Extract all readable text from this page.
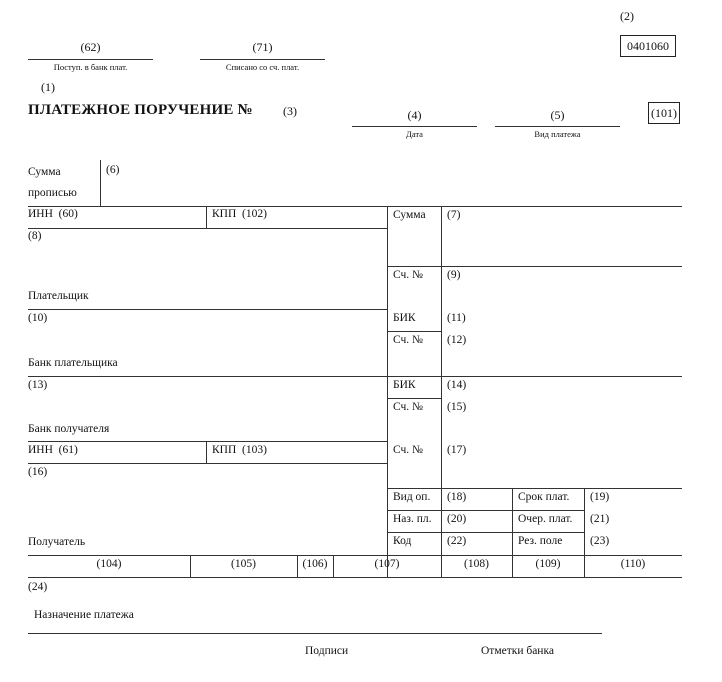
(2)
0401060
(62)
Поступ. в банк плат.
(71)
Списано со сч. плат.
(1)
ПЛАТЕЖНОЕ ПОРУЧЕНИЕ №	(3)	(4)
Дата
(5)
Вид платежа
(101)
Сумма
прописью
(6)
ИНН (60)	КПП (102)
(8)
Плательщик
Сумма (7)
Сч. № (9)
(10)
Банк плательщика
БИК	(11)
Сч. № (12)
(13)
Банк получателя
БИК	(14)
Сч. № (15)
ИНН (61)	КПП (103)
(16)
Получатель
Сч. № (17)
Вид оп. (18)	Срок плат. (19)
Наз. пл. (20)	Очер. плат. (21)
Код	(22)	Рез. поле (23)
(104)	(105)	(106)	(107)	(108)	(109)	(110)
(24)
Назначение платежа
Подписи	Отметки банка
